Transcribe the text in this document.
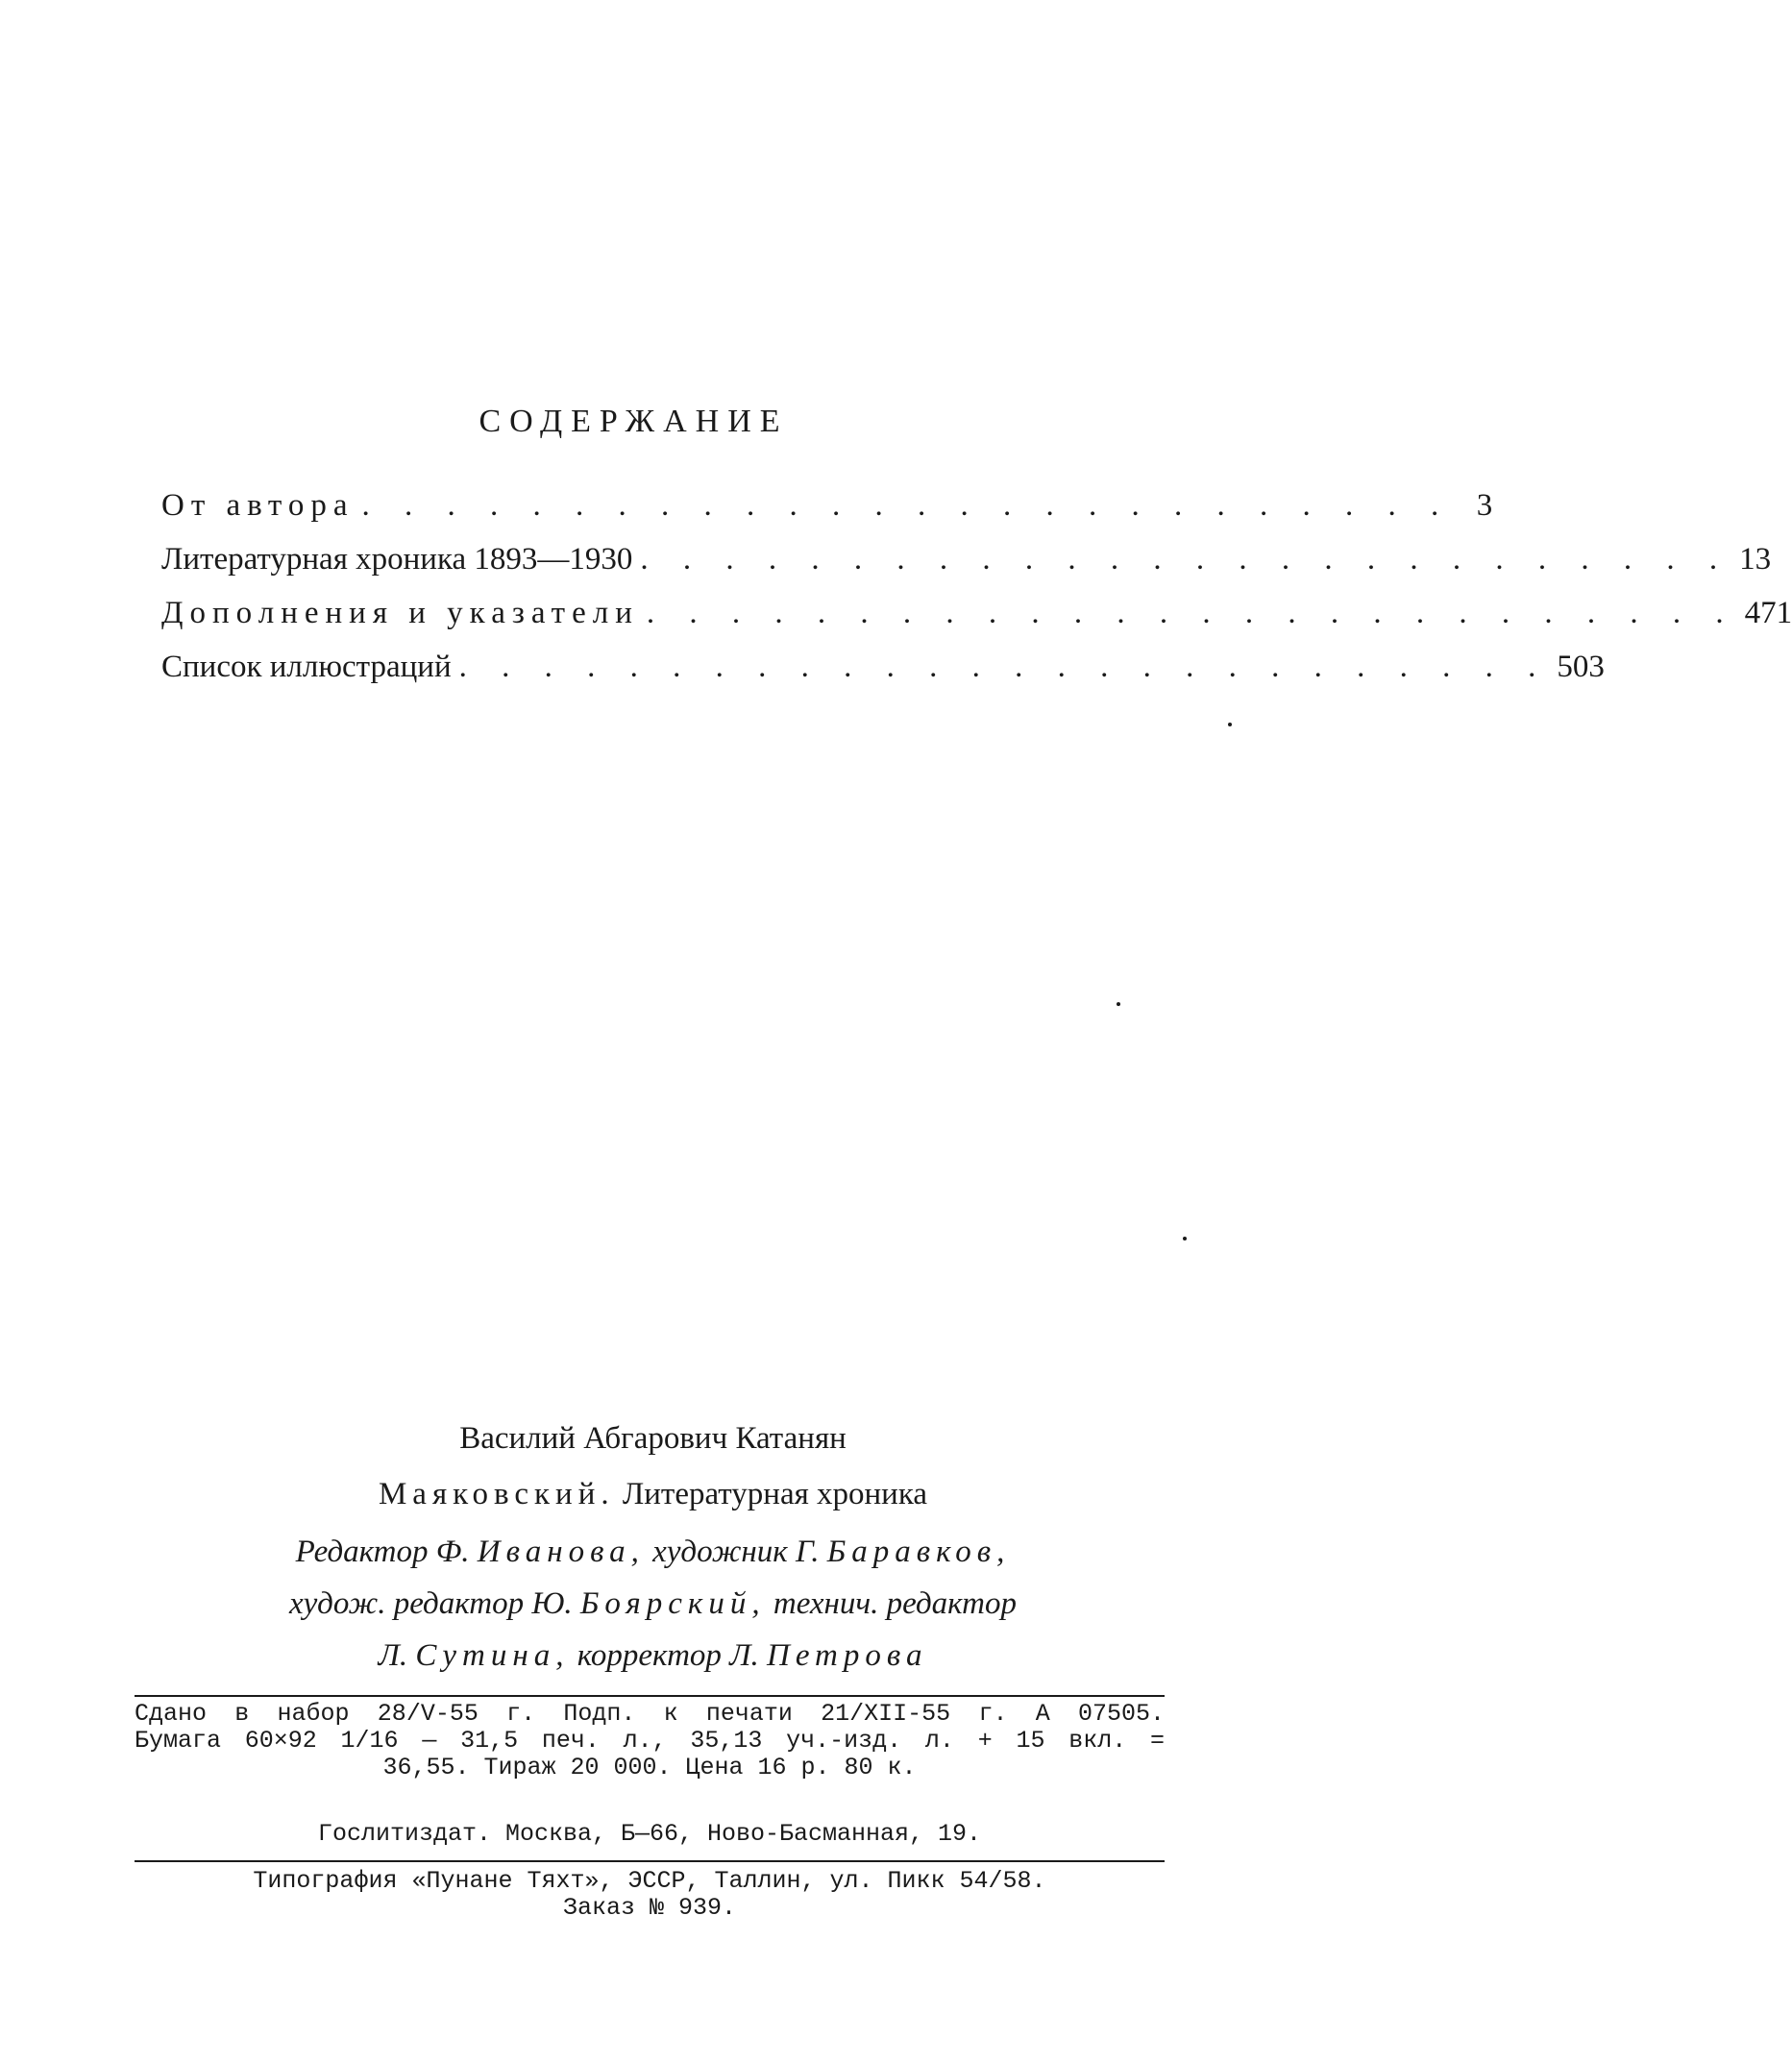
СОДЕРЖАНИЕ
От автора . . . . . . . . . . . . . . . . . . . . . . . . . . 3
Литературная хроника 1893—1930 . . . . . . . . . . . . . . . . . . . . . . . . . . 13
Дополнения и указатели . . . . . . . . . . . . . . . . . . . . . . . . . . 471
Список иллюстраций . . . . . . . . . . . . . . . . . . . . . . . . . . 503
Василий Абгарович Катанян
Маяковский. Литературная хроника
Редактор Ф. Иванова, художник Г. Баравков,
худож. редактор Ю. Боярский, технич. редактор
Л. Сутина, корректор Л. Петрова
Сдано в набор 28/V-55 г. Подп. к печати 21/XII-55 г. А 07505.
Бумага 60×92 1/16 — 31,5 печ. л., 35,13 уч.-изд. л. + 15 вкл. =
36,55. Тираж 20 000. Цена 16 р. 80 к.
Гослитиздат. Москва, Б—66, Ново-Басманная, 19.
Типография «Пунане Тяхт», ЭССР, Таллин, ул. Пикк 54/58.
Заказ № 939.
